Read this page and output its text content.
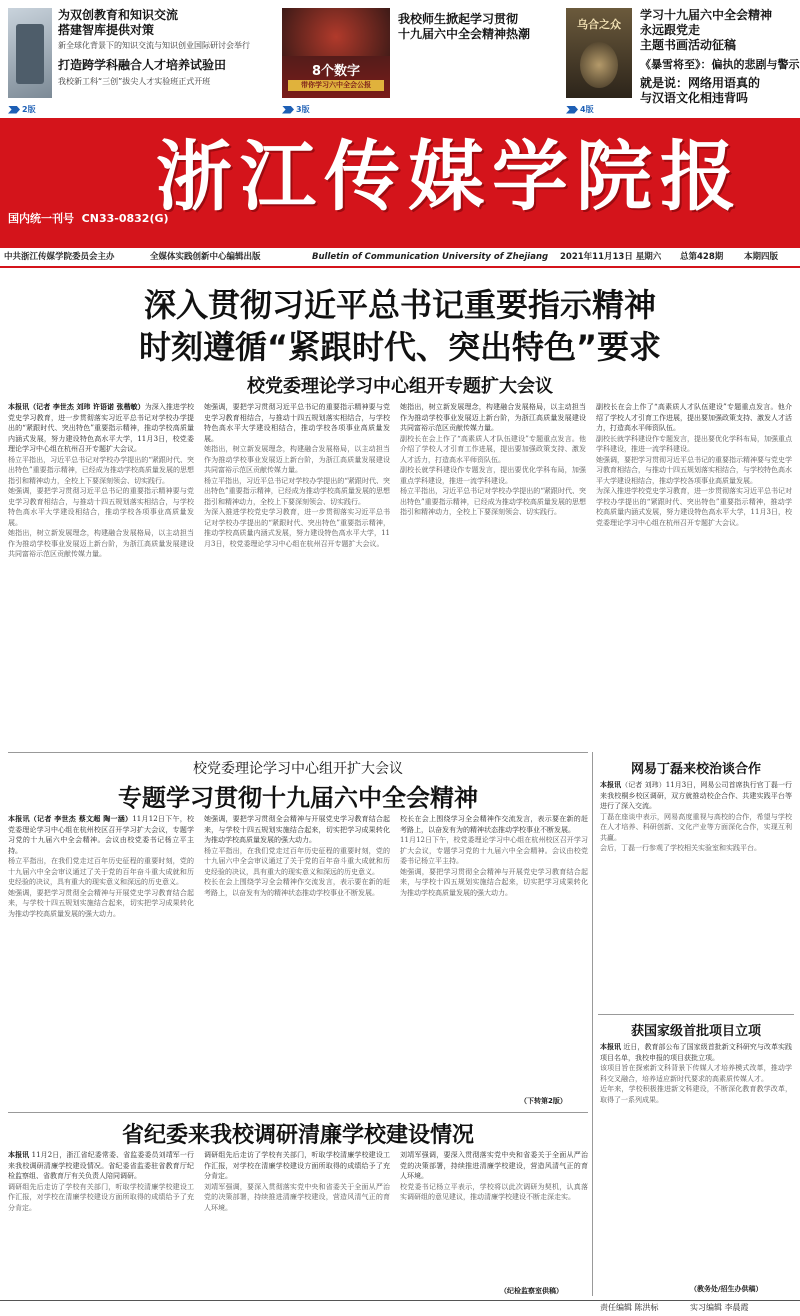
为双创教育和知识交流
搭建智库提供对策
新全球化背景下的知识交流与知识创业国际研讨会举行
打造跨学科融合人才培养试验田
我校新工科“三创”拔尖人才实验班正式开班
2版
8个数字
带你学习六中全会公报
我校师生掀起学习贯彻
十九届六中全会精神热潮
3版
乌合之众
学习十九届六中全会精神
永远跟党走
主题书画活动征稿
《暴雪将至》：偏执的悲剧与警示
就是说：网络用语真的
与汉语文化相违背吗
4版
浙江传媒学院报
国内统一刊号 CN33-0832(G)
中共浙江传媒学院委员会主办	全媒体实践创新中心编辑出版	Bulletin of Communication University of Zhejiang 2021年11月13日 星期六 总第428期 本期四版
深入贯彻习近平总书记重要指示精神
时刻遵循“紧跟时代、突出特色”要求
校党委理论学习中心组开专题扩大会议
本报讯（记者 李世杰 刘玮 许语诺 张楷敏）为深入推进学校党史学习教育，进一步贯彻落实习近平总书记对学校办学提出的“紧跟时代、突出特色”重要指示精神，推动学校高质量内涵式发展，努力建设特色高水平大学，11月3日，校党委理论学习中心组在杭州召开专题扩大会议。
杨立平指出，习近平总书记对学校办学提出的“紧跟时代、突出特色”重要指示精神，已经成为推动学校高质量发展的思想指引和精神动力，全校上下要深刻领会、切实践行。
她强调，要把学习贯彻习近平总书记的重要指示精神要与党史学习教育相结合，与推动十四五规划落实相结合，与学校特色高水平大学建设相结合，推动学校各项事业高质量发展。
她指出，树立新发展理念，构建融合发展格局，以主动担当作为推动学校事业发展迈上新台阶，为浙江高质量发展建设共同富裕示范区贡献传媒力量。
她强调，要把学习贯彻习近平总书记的重要指示精神要与党史学习教育相结合，与推动十四五规划落实相结合，与学校特色高水平大学建设相结合，推动学校各项事业高质量发展。
她指出，树立新发展理念，构建融合发展格局，以主动担当作为推动学校事业发展迈上新台阶，为浙江高质量发展建设共同富裕示范区贡献传媒力量。
杨立平指出，习近平总书记对学校办学提出的“紧跟时代、突出特色”重要指示精神，已经成为推动学校高质量发展的思想指引和精神动力，全校上下要深刻领会、切实践行。
为深入推进学校党史学习教育，进一步贯彻落实习近平总书记对学校办学提出的“紧跟时代、突出特色”重要指示精神，推动学校高质量内涵式发展，努力建设特色高水平大学，11月3日，校党委理论学习中心组在杭州召开专题扩大会议。
她指出，树立新发展理念，构建融合发展格局，以主动担当作为推动学校事业发展迈上新台阶，为浙江高质量发展建设共同富裕示范区贡献传媒力量。
副校长在会上作了“高素质人才队伍建设”专题重点发言。他介绍了学校人才引育工作进展，提出要加强政策支持、激发人才活力，打造高水平师资队伍。
副校长就学科建设作专题发言，提出要优化学科布局，加强重点学科建设，推进一流学科建设。
杨立平指出，习近平总书记对学校办学提出的“紧跟时代、突出特色”重要指示精神，已经成为推动学校高质量发展的思想指引和精神动力，全校上下要深刻领会、切实践行。
副校长在会上作了“高素质人才队伍建设”专题重点发言。他介绍了学校人才引育工作进展，提出要加强政策支持、激发人才活力，打造高水平师资队伍。
副校长就学科建设作专题发言，提出要优化学科布局，加强重点学科建设，推进一流学科建设。
她强调，要把学习贯彻习近平总书记的重要指示精神要与党史学习教育相结合，与推动十四五规划落实相结合，与学校特色高水平大学建设相结合，推动学校各项事业高质量发展。
为深入推进学校党史学习教育，进一步贯彻落实习近平总书记对学校办学提出的“紧跟时代、突出特色”重要指示精神，推动学校高质量内涵式发展，努力建设特色高水平大学，11月3日，校党委理论学习中心组在杭州召开专题扩大会议。
校党委理论学习中心组开扩大会议
专题学习贯彻十九届六中全会精神
本报讯（记者 李世杰 蔡文超 陶一涵）11月12日下午，校党委理论学习中心组在杭州校区召开学习扩大会议，专题学习党的十九届六中全会精神。会议由校党委书记杨立平主持。
杨立平指出，在我们党走过百年历史征程的重要时刻，党的十九届六中全会审议通过了关于党的百年奋斗重大成就和历史经验的决议，具有重大的现实意义和深远的历史意义。
她强调，要把学习贯彻全会精神与开展党史学习教育结合起来，与学校十四五规划实施结合起来，切实把学习成果转化为推动学校高质量发展的强大动力。
她强调，要把学习贯彻全会精神与开展党史学习教育结合起来，与学校十四五规划实施结合起来，切实把学习成果转化为推动学校高质量发展的强大动力。
杨立平指出，在我们党走过百年历史征程的重要时刻，党的十九届六中全会审议通过了关于党的百年奋斗重大成就和历史经验的决议，具有重大的现实意义和深远的历史意义。
校长在会上围绕学习全会精神作交流发言，表示要在新的赶考路上，以奋发有为的精神状态推动学校事业不断发展。
校长在会上围绕学习全会精神作交流发言，表示要在新的赶考路上，以奋发有为的精神状态推动学校事业不断发展。
11月12日下午，校党委理论学习中心组在杭州校区召开学习扩大会议，专题学习党的十九届六中全会精神。会议由校党委书记杨立平主持。
她强调，要把学习贯彻全会精神与开展党史学习教育结合起来，与学校十四五规划实施结合起来，切实把学习成果转化为推动学校高质量发展的强大动力。
（下转第2版）
省纪委来我校调研清廉学校建设情况
本报讯 11月2日，浙江省纪委常委、省监委委员刘靖军一行来我校调研清廉学校建设情况。省纪委省监委驻省教育厅纪检监察组、省教育厅有关负责人陪同调研。
调研组先后走访了学校有关部门，听取学校清廉学校建设工作汇报，对学校在清廉学校建设方面所取得的成绩给予了充分肯定。
调研组先后走访了学校有关部门，听取学校清廉学校建设工作汇报，对学校在清廉学校建设方面所取得的成绩给予了充分肯定。
刘靖军强调，要深入贯彻落实党中央和省委关于全面从严治党的决策部署，持续推进清廉学校建设，营造风清气正的育人环境。
刘靖军强调，要深入贯彻落实党中央和省委关于全面从严治党的决策部署，持续推进清廉学校建设，营造风清气正的育人环境。
校党委书记杨立平表示，学校将以此次调研为契机，认真落实调研组的意见建议，推动清廉学校建设不断走深走实。
（纪检监察室供稿）
网易丁磊来校治谈合作
本报讯（记者 刘玮）11月3日，网易公司首席执行官丁磊一行来我校桐乡校区调研，双方就推动校企合作、共建实践平台等进行了深入交流。
丁磊在座谈中表示，网易高度重视与高校的合作，希望与学校在人才培养、科研创新、文化产业等方面深化合作，实现互利共赢。
会后，丁磊一行参观了学校相关实验室和实践平台。
获国家级首批项目立项
本报讯 近日，教育部公布了国家级首批新文科研究与改革实践项目名单，我校申报的项目获批立项。
该项目旨在探索新文科背景下传媒人才培养模式改革，推动学科交叉融合，培养适应新时代要求的高素质传媒人才。
近年来，学校积极推进新文科建设，不断深化教育教学改革，取得了一系列成果。
（教务处/招生办供稿）
责任编辑 陈洪标	实习编辑 李晨霞
